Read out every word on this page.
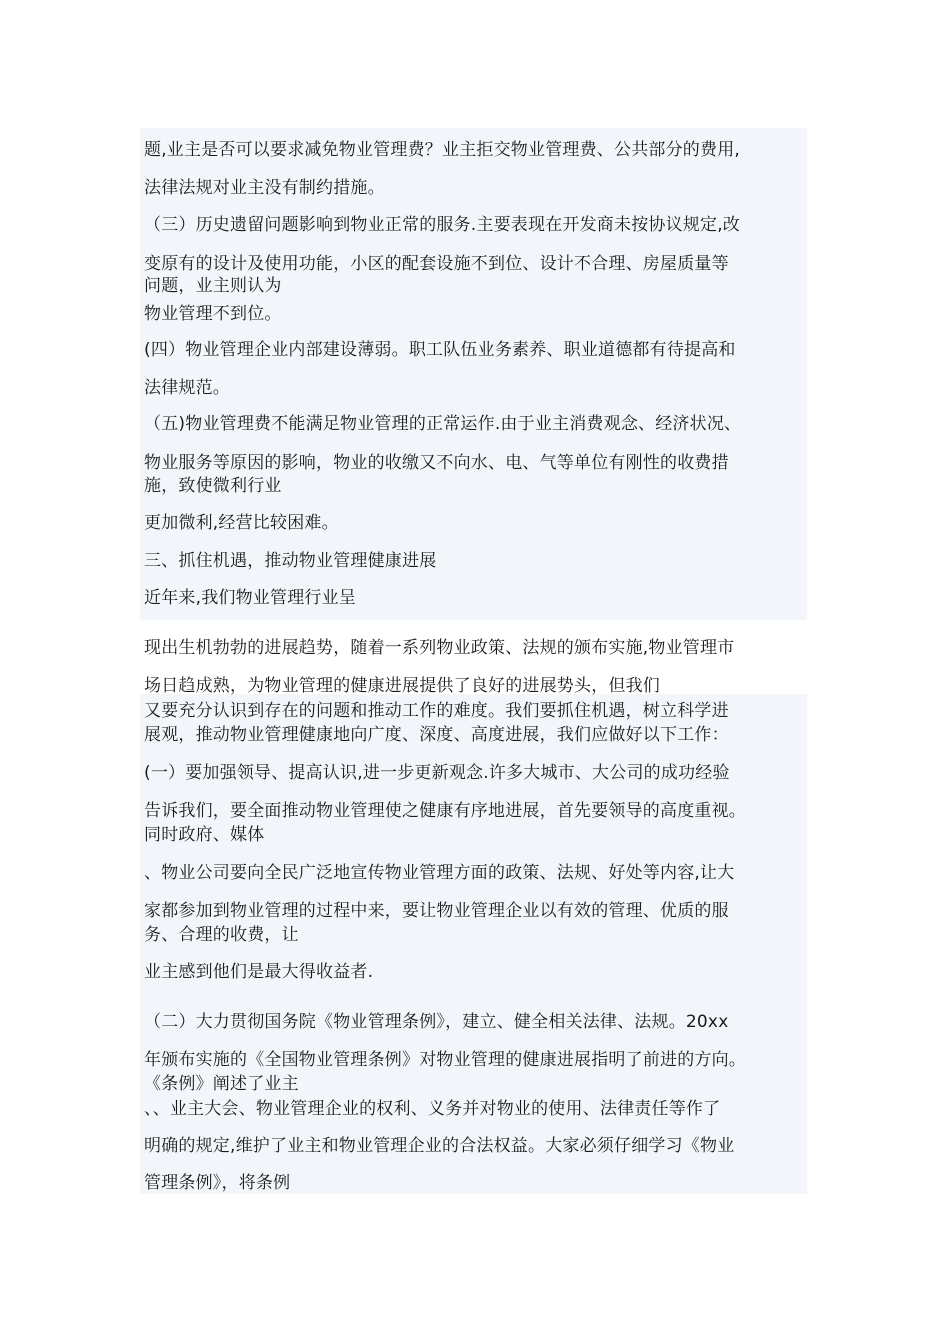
题,业主是否可以要求减免物业管理费？业主拒交物业管理费、公共部分的费用,
法律法规对业主没有制约措施。
（三）历史遗留问题影响到物业正常的服务.主要表现在开发商未按协议规定,改
变原有的设计及使用功能，小区的配套设施不到位、设计不合理、房屋质量等
问题，业主则认为
物业管理不到位。
(四）物业管理企业内部建设薄弱。职工队伍业务素养、职业道德都有待提高和
法律规范。
（五)物业管理费不能满足物业管理的正常运作.由于业主消费观念、经济状况、
物业服务等原因的影响，物业的收缴又不向水、电、气等单位有刚性的收费措
施，致使微利行业
更加微利,经营比较困难。
三、抓住机遇，推动物业管理健康进展
近年来,我们物业管理行业呈
现出生机勃勃的进展趋势，随着一系列物业政策、法规的颁布实施,物业管理市
场日趋成熟，为物业管理的健康进展提供了良好的进展势头，但我们
又要充分认识到存在的问题和推动工作的难度。我们要抓住机遇，树立科学进
展观，推动物业管理健康地向广度、深度、高度进展，我们应做好以下工作：
(一）要加强领导、提高认识,进一步更新观念.许多大城市、大公司的成功经验
告诉我们，要全面推动物业管理使之健康有序地进展，首先要领导的高度重视。
同时政府、媒体
、物业公司要向全民广泛地宣传物业管理方面的政策、法规、好处等内容,让大
家都参加到物业管理的过程中来，要让物业管理企业以有效的管理、优质的服
务、合理的收费，让
业主感到他们是最大得收益者.
（二）大力贯彻国务院《物业管理条例》，建立、健全相关法律、法规。20xx
年颁布实施的《全国物业管理条例》对物业管理的健康进展指明了前进的方向。
《条例》阐述了业主
、、业主大会、物业管理企业的权利、义务并对物业的使用、法律责任等作了
明确的规定,维护了业主和物业管理企业的合法权益。大家必须仔细学习《物业
管理条例》，将条例
